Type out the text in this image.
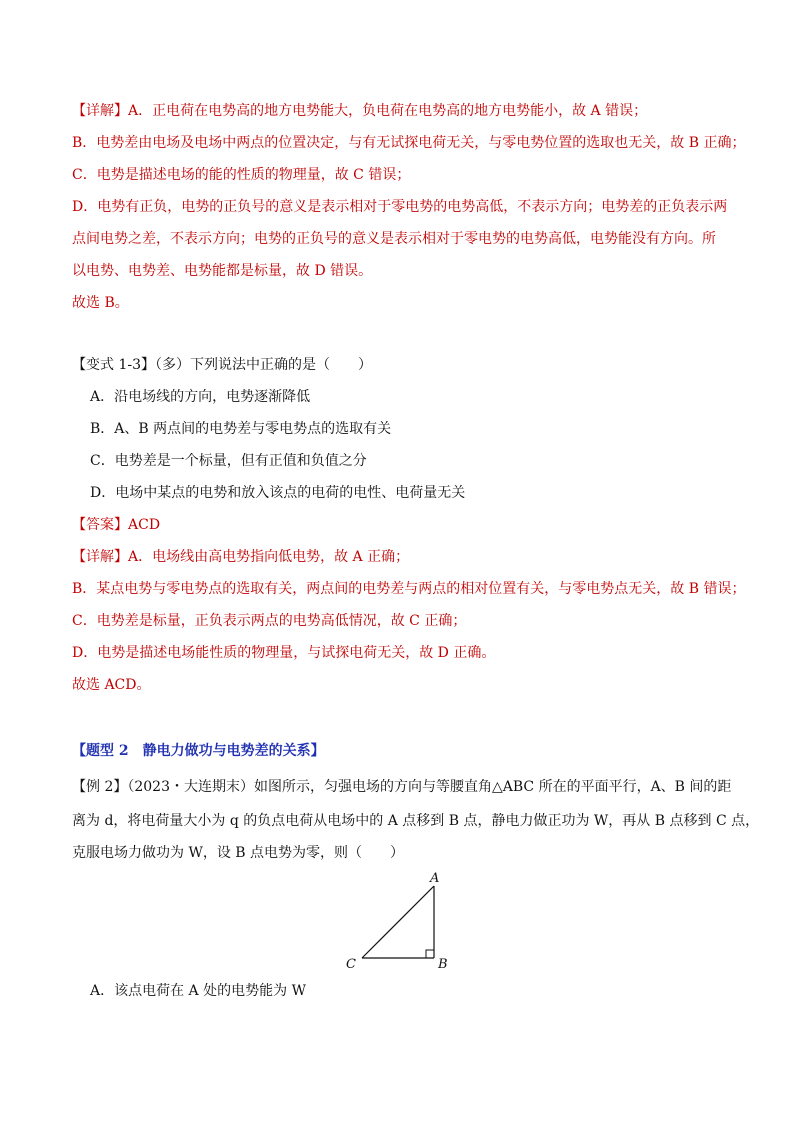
【详解】A．正电荷在电势高的地方电势能大，负电荷在电势高的地方电势能小，故 A 错误；
B．电势差由电场及电场中两点的位置决定，与有无试探电荷无关，与零电势位置的选取也无关，故 B 正确；
C．电势是描述电场的能的性质的物理量，故 C 错误；
D．电势有正负，电势的正负号的意义是表示相对于零电势的电势高低，不表示方向；电势差的正负表示两
点间电势之差，不表示方向；电势的正负号的意义是表示相对于零电势的电势高低，电势能没有方向。所
以电势、电势差、电势能都是标量，故 D 错误。
故选 B。
【变式 1-3】（多）下列说法中正确的是（　　）
A．沿电场线的方向，电势逐渐降低
B．A、B 两点间的电势差与零电势点的选取有关
C．电势差是一个标量，但有正值和负值之分
D．电场中某点的电势和放入该点的电荷的电性、电荷量无关
【答案】ACD
【详解】A．电场线由高电势指向低电势，故 A 正确；
B．某点电势与零电势点的选取有关，两点间的电势差与两点的相对位置有关，与零电势点无关，故 B 错误；
C．电势差是标量，正负表示两点的电势高低情况，故 C 正确；
D．电势是描述电场能性质的物理量，与试探电荷无关，故 D 正确。
故选 ACD。
【题型 2　静电力做功与电势差的关系】
【例 2】（2023・大连期末）如图所示，匀强电场的方向与等腰直角△ABC 所在的平面平行，A、B 间的距
离为 d，将电荷量大小为 q 的负点电荷从电场中的 A 点移到 B 点，静电力做正功为 W，再从 B 点移到 C 点，
克服电场力做功为 W，设 B 点电势为零，则（　　）
A
B
C
A．该点电荷在 A 处的电势能为 W
